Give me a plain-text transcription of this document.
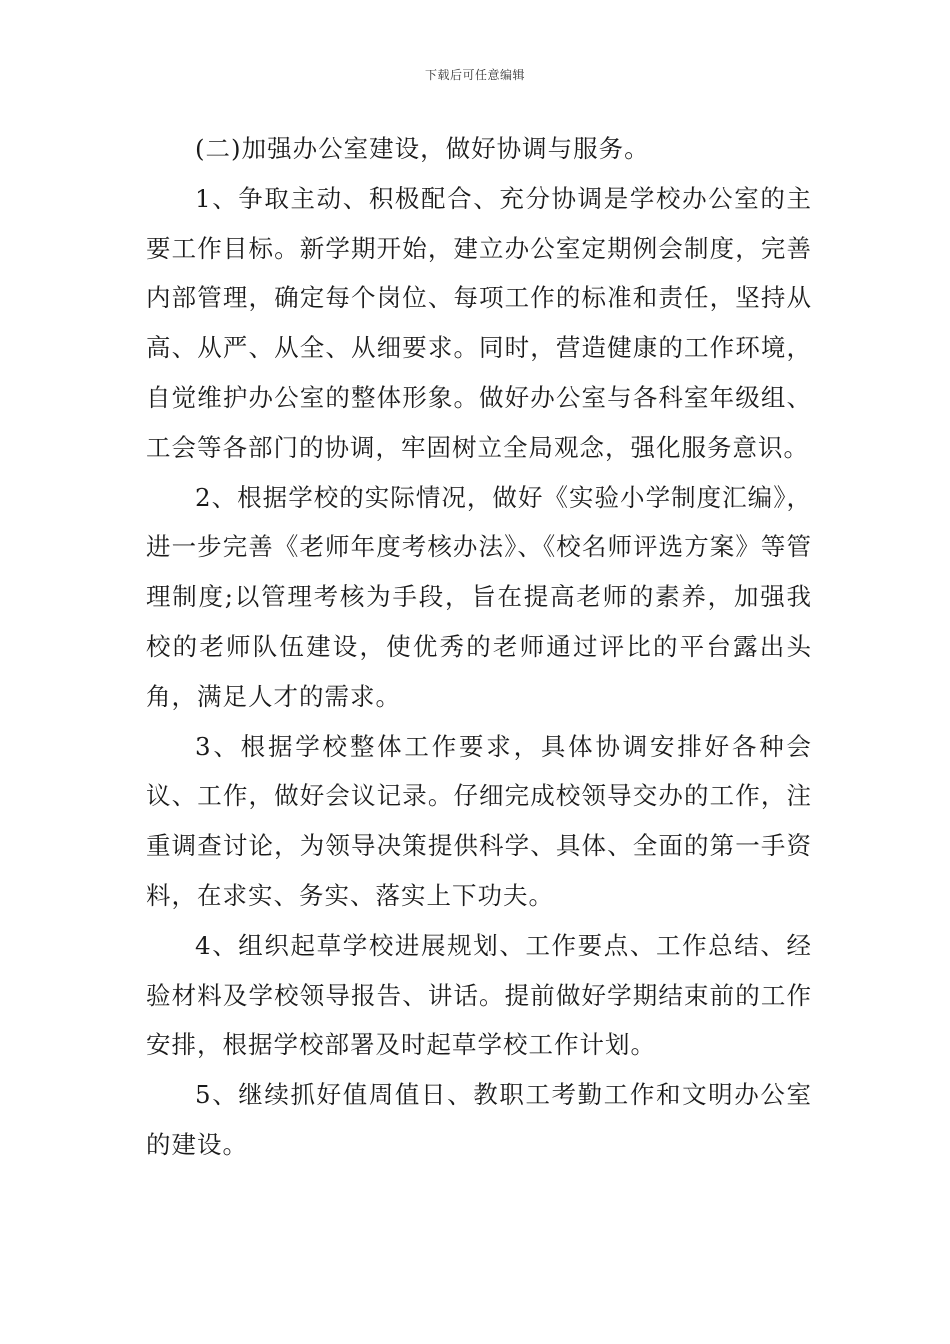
下载后可任意编辑

(二)加强办公室建设，做好协调与服务。

1、争取主动、积极配合、充分协调是学校办公室的主要工作目标。新学期开始，建立办公室定期例会制度，完善内部管理，确定每个岗位、每项工作的标准和责任，坚持从高、从严、从全、从细要求。同时，营造健康的工作环境，自觉维护办公室的整体形象。做好办公室与各科室年级组、工会等各部门的协调，牢固树立全局观念，强化服务意识。

2、根据学校的实际情况，做好《实验小学制度汇编》，进一步完善《老师年度考核办法》、《校名师评选方案》等管理制度;以管理考核为手段，旨在提高老师的素养，加强我校的老师队伍建设，使优秀的老师通过评比的平台露出头角，满足人才的需求。

3、根据学校整体工作要求，具体协调安排好各种会议、工作，做好会议记录。仔细完成校领导交办的工作，注重调查讨论，为领导决策提供科学、具体、全面的第一手资料，在求实、务实、落实上下功夫。

4、组织起草学校进展规划、工作要点、工作总结、经验材料及学校领导报告、讲话。提前做好学期结束前的工作安排，根据学校部署及时起草学校工作计划。

5、继续抓好值周值日、教职工考勤工作和文明办公室的建设。
